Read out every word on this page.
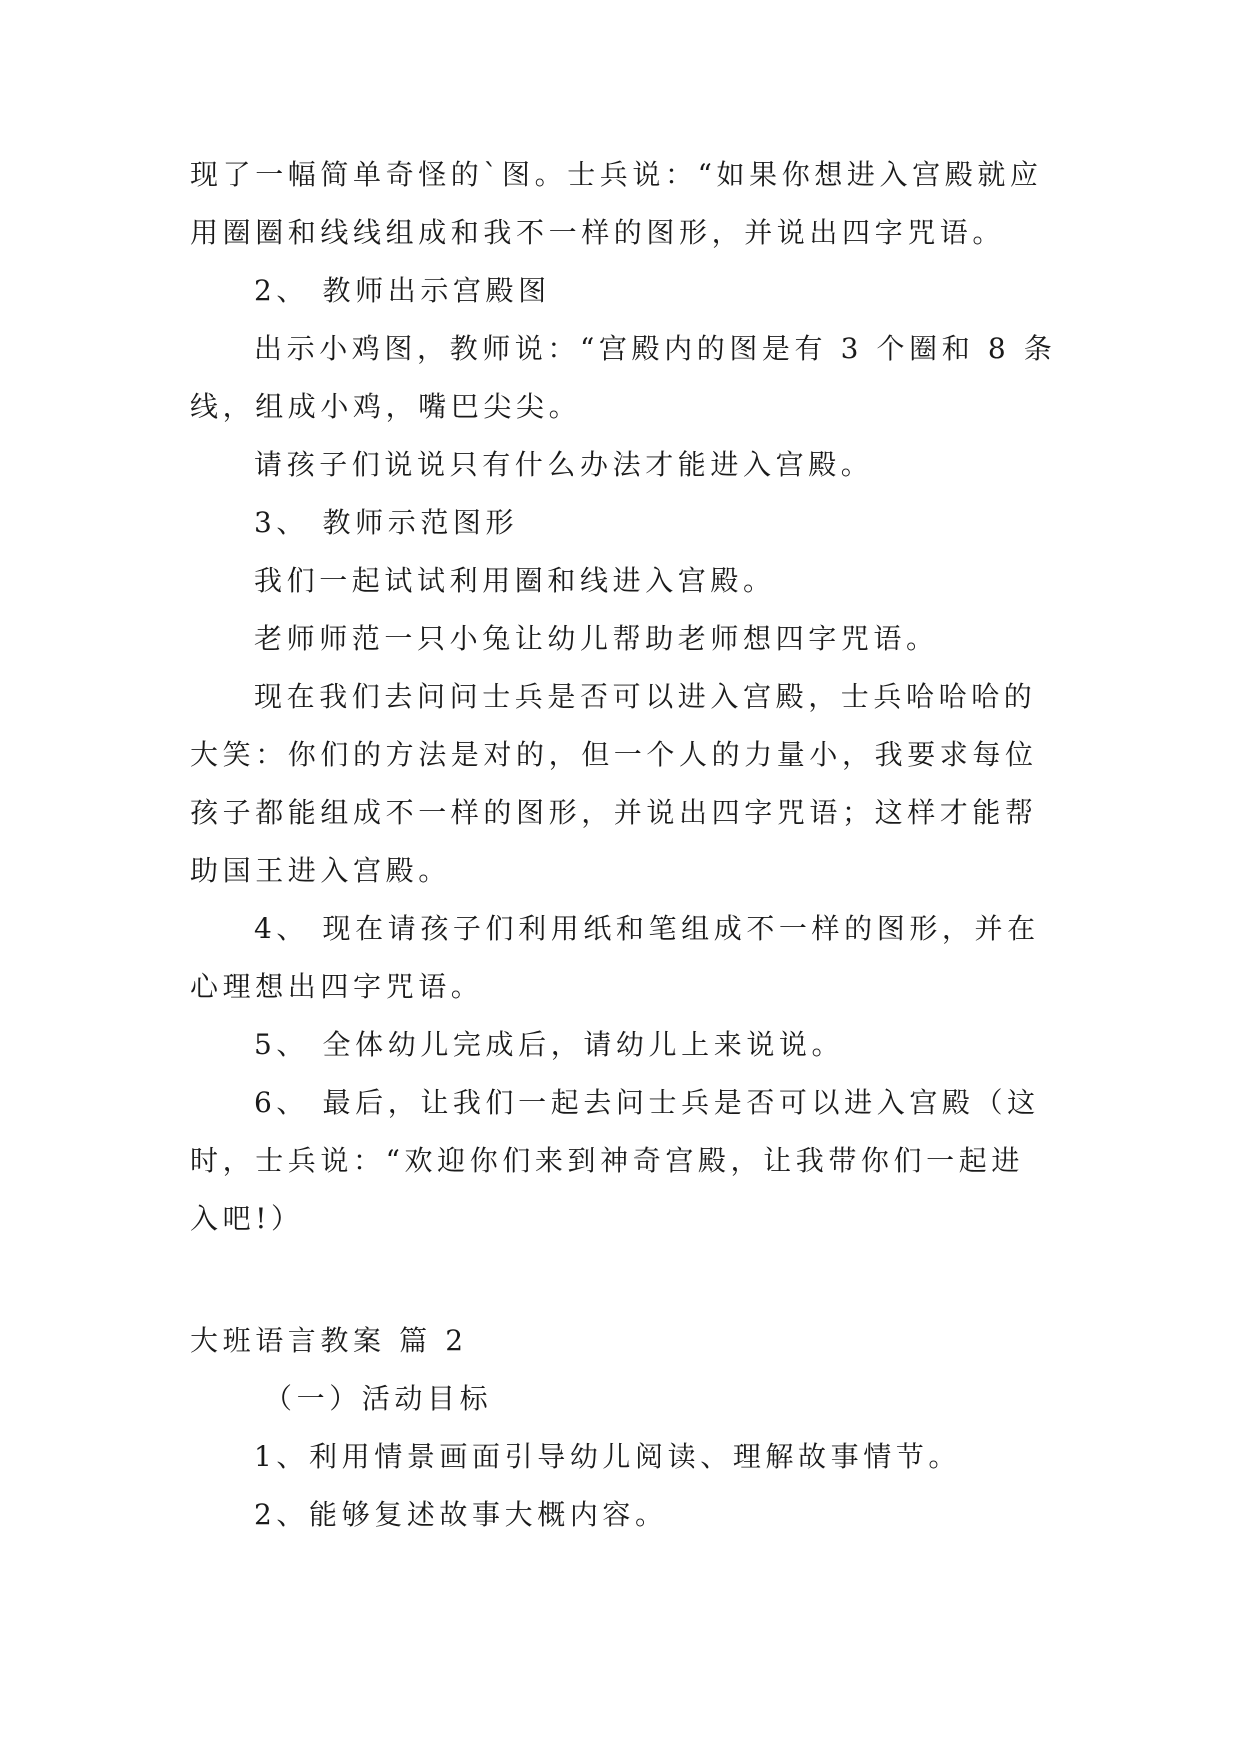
现了一幅简单奇怪的`图。士兵说：“如果你想进入宫殿就应
用圈圈和线线组成和我不一样的图形，并说出四字咒语。
2、 教师出示宫殿图
出示小鸡图，教师说：“宫殿内的图是有 3 个圈和 8 条
线，组成小鸡，嘴巴尖尖。
请孩子们说说只有什么办法才能进入宫殿。
3、 教师示范图形
我们一起试试利用圈和线进入宫殿。
老师师范一只小兔让幼儿帮助老师想四字咒语。
现在我们去问问士兵是否可以进入宫殿，士兵哈哈哈的
大笑：你们的方法是对的，但一个人的力量小，我要求每位
孩子都能组成不一样的图形，并说出四字咒语；这样才能帮
助国王进入宫殿。
4、 现在请孩子们利用纸和笔组成不一样的图形，并在
心理想出四字咒语。
5、 全体幼儿完成后，请幼儿上来说说。
6、 最后，让我们一起去问士兵是否可以进入宫殿（这
时，士兵说：“欢迎你们来到神奇宫殿，让我带你们一起进
入吧!）
大班语言教案 篇 2
（一）活动目标
1、利用情景画面引导幼儿阅读、理解故事情节。
2、能够复述故事大概内容。
